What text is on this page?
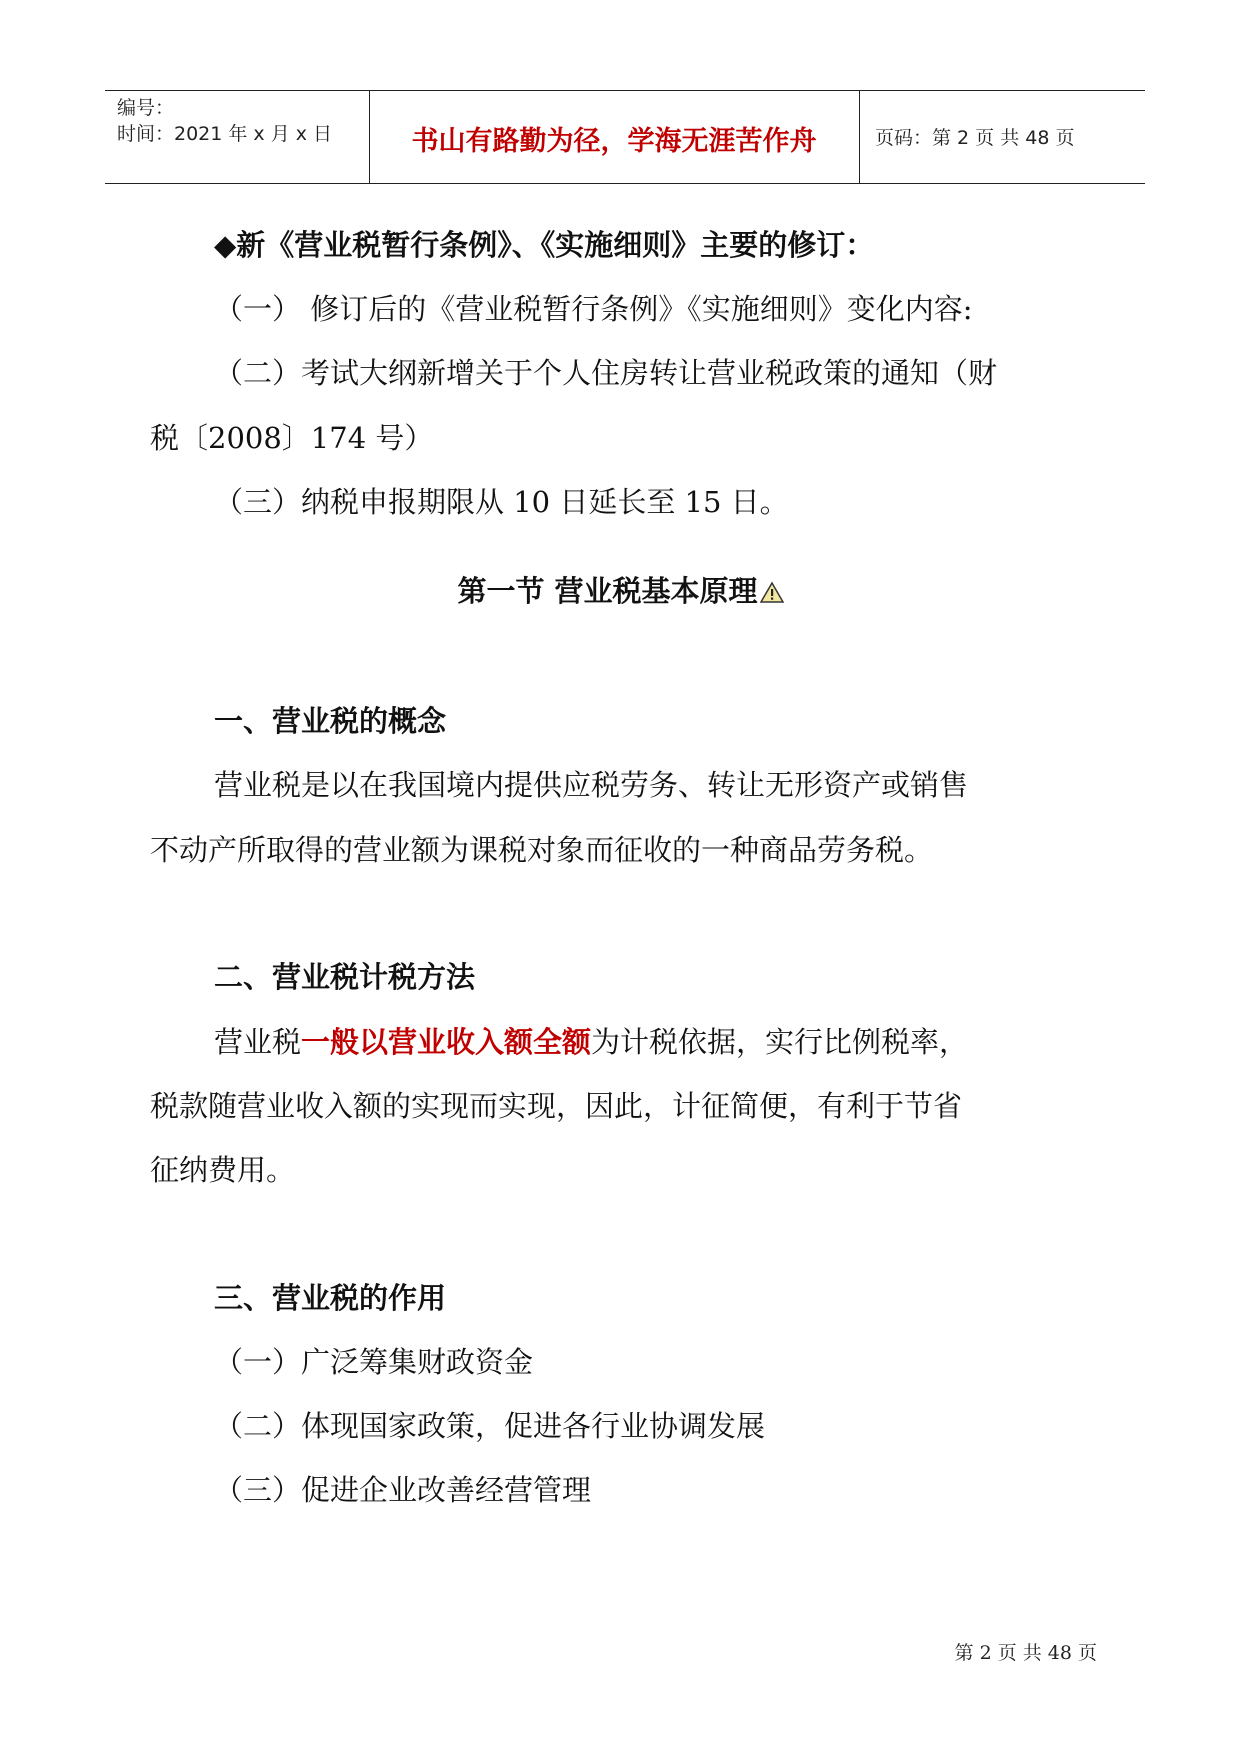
编号：
时间：2021 年 x 月 x 日	书山有路勤为径，学海无涯苦作舟	页码：第 2 页 共 48 页
◆新《营业税暂行条例》、《实施细则》主要的修订：
（一） 修订后的《营业税暂行条例》《实施细则》变化内容:
（二）考试大纲新增关于个人住房转让营业税政策的通知（财
税〔2008〕174 号）
（三）纳税申报期限从 10 日延长至 15 日。
第一节 营业税基本原理
一、营业税的概念
营业税是以在我国境内提供应税劳务、转让无形资产或销售
不动产所取得的营业额为课税对象而征收的一种商品劳务税。
二、营业税计税方法
营业税一般以营业收入额全额为计税依据，实行比例税率，
税款随营业收入额的实现而实现，因此，计征简便，有利于节省
征纳费用。
三、营业税的作用
（一）广泛筹集财政资金
（二）体现国家政策，促进各行业协调发展
（三）促进企业改善经营管理
第 2 页 共 48 页
